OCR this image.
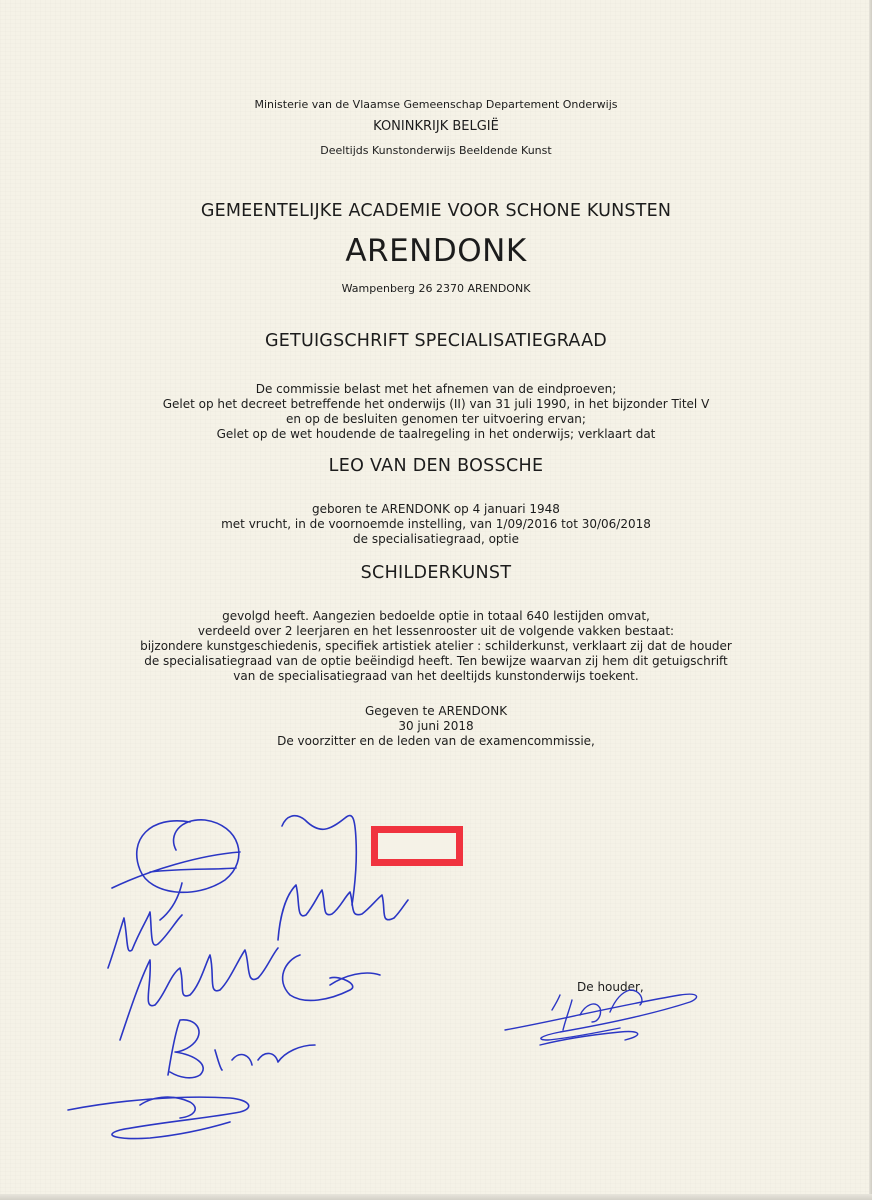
Ministerie van de Vlaamse Gemeenschap Departement Onderwijs

KONINKRIJK BELGIË

Deeltijds Kunstonderwijs Beeldende Kunst

GEMEENTELIJKE ACADEMIE VOOR SCHONE KUNSTEN

ARENDONK

Wampenberg 26 2370 ARENDONK

GETUIGSCHRIFT SPECIALISATIEGRAAD

De commissie belast met het afnemen van de eindproeven;
Gelet op het decreet betreffende het onderwijs (II) van 31 juli 1990, in het bijzonder Titel V
en op de besluiten genomen ter uitvoering ervan;
Gelet op de wet houdende de taalregeling in het onderwijs; verklaart dat

LEO VAN DEN BOSSCHE

geboren te ARENDONK op 4 januari 1948
met vrucht, in de voornoemde instelling, van 1/09/2016 tot 30/06/2018
de specialisatiegraad, optie

SCHILDERKUNST

gevolgd heeft. Aangezien bedoelde optie in totaal 640 lestijden omvat,
verdeeld over 2 leerjaren en het lessenrooster uit de volgende vakken bestaat:
bijzondere kunstgeschiedenis, specifiek artistiek atelier : schilderkunst, verklaart zij dat de houder
de specialisatiegraad van de optie beëindigd heeft. Ten bewijze waarvan zij hem dit getuigschrift
van de specialisatiegraad van het deeltijds kunstonderwijs toekent.
Gegeven te ARENDONK
30 juni 2018
De voorzitter en de leden van de examencommissie,

De houder,
